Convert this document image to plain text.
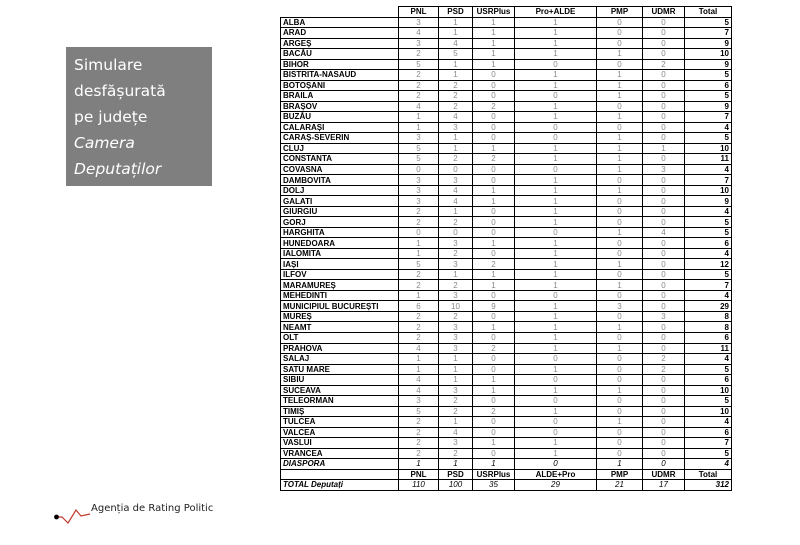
Simulare
desfășurată
pe județe
Camera
Deputaților
Agenția de Rating Politic
	PNL	PSD	USRPlus	Pro+ALDE	PMP	UDMR	Total
ALBA	3	1	1	1	0	0	5
ARAD	4	1	1	1	0	0	7
ARGEȘ	3	4	1	1	0	0	9
BACĂU	2	5	1	1	1	0	10
BIHOR	5	1	1	0	0	2	9
BISTRITA-NASAUD	2	1	0	1	1	0	5
BOTOȘANI	2	2	0	1	1	0	6
BRAILA	2	2	0	0	1	0	5
BRAȘOV	4	2	2	1	0	0	9
BUZĂU	1	4	0	1	1	0	7
CALARAȘI	1	3	0	0	0	0	4
CARAȘ-SEVERIN	3	1	0	0	1	0	5
CLUJ	5	1	1	1	1	1	10
CONSTANTA	5	2	2	1	1	0	11
COVASNA	0	0	0	0	1	3	4
DAMBOVITA	3	3	0	1	0	0	7
DOLJ	3	4	1	1	1	0	10
GALATI	3	4	1	1	0	0	9
GIURGIU	2	1	0	1	0	0	4
GORJ	2	2	0	1	0	0	5
HARGHITA	0	0	0	0	1	4	5
HUNEDOARA	1	3	1	1	0	0	6
IALOMITA	1	2	0	1	0	0	4
IAȘI	5	3	2	1	1	0	12
ILFOV	2	1	1	1	0	0	5
MARAMUREȘ	2	2	1	1	1	0	7
MEHEDINTI	1	3	0	0	0	0	4
MUNICIPIUL BUCUREȘTI	6	10	9	1	3	0	29
MUREȘ	2	2	0	1	0	3	8
NEAMT	2	3	1	1	1	0	8
OLT	2	3	0	1	0	0	6
PRAHOVA	4	3	2	1	1	0	11
SALAJ	1	1	0	0	0	2	4
SATU MARE	1	1	0	1	0	2	5
SIBIU	4	1	1	0	0	0	6
SUCEAVA	4	3	1	1	1	0	10
TELEORMAN	3	2	0	0	0	0	5
TIMIȘ	5	2	2	1	0	0	10
TULCEA	2	1	0	0	1	0	4
VALCEA	2	4	0	0	0	0	6
VASLUI	2	3	1	1	0	0	7
VRANCEA	2	2	0	1	0	0	5
DIASPORA	1	1	1	0	1	0	4
	PNL	PSD	USRPlus	ALDE+Pro	PMP	UDMR	Total
TOTAL Deputați	110	100	35	29	21	17	312
